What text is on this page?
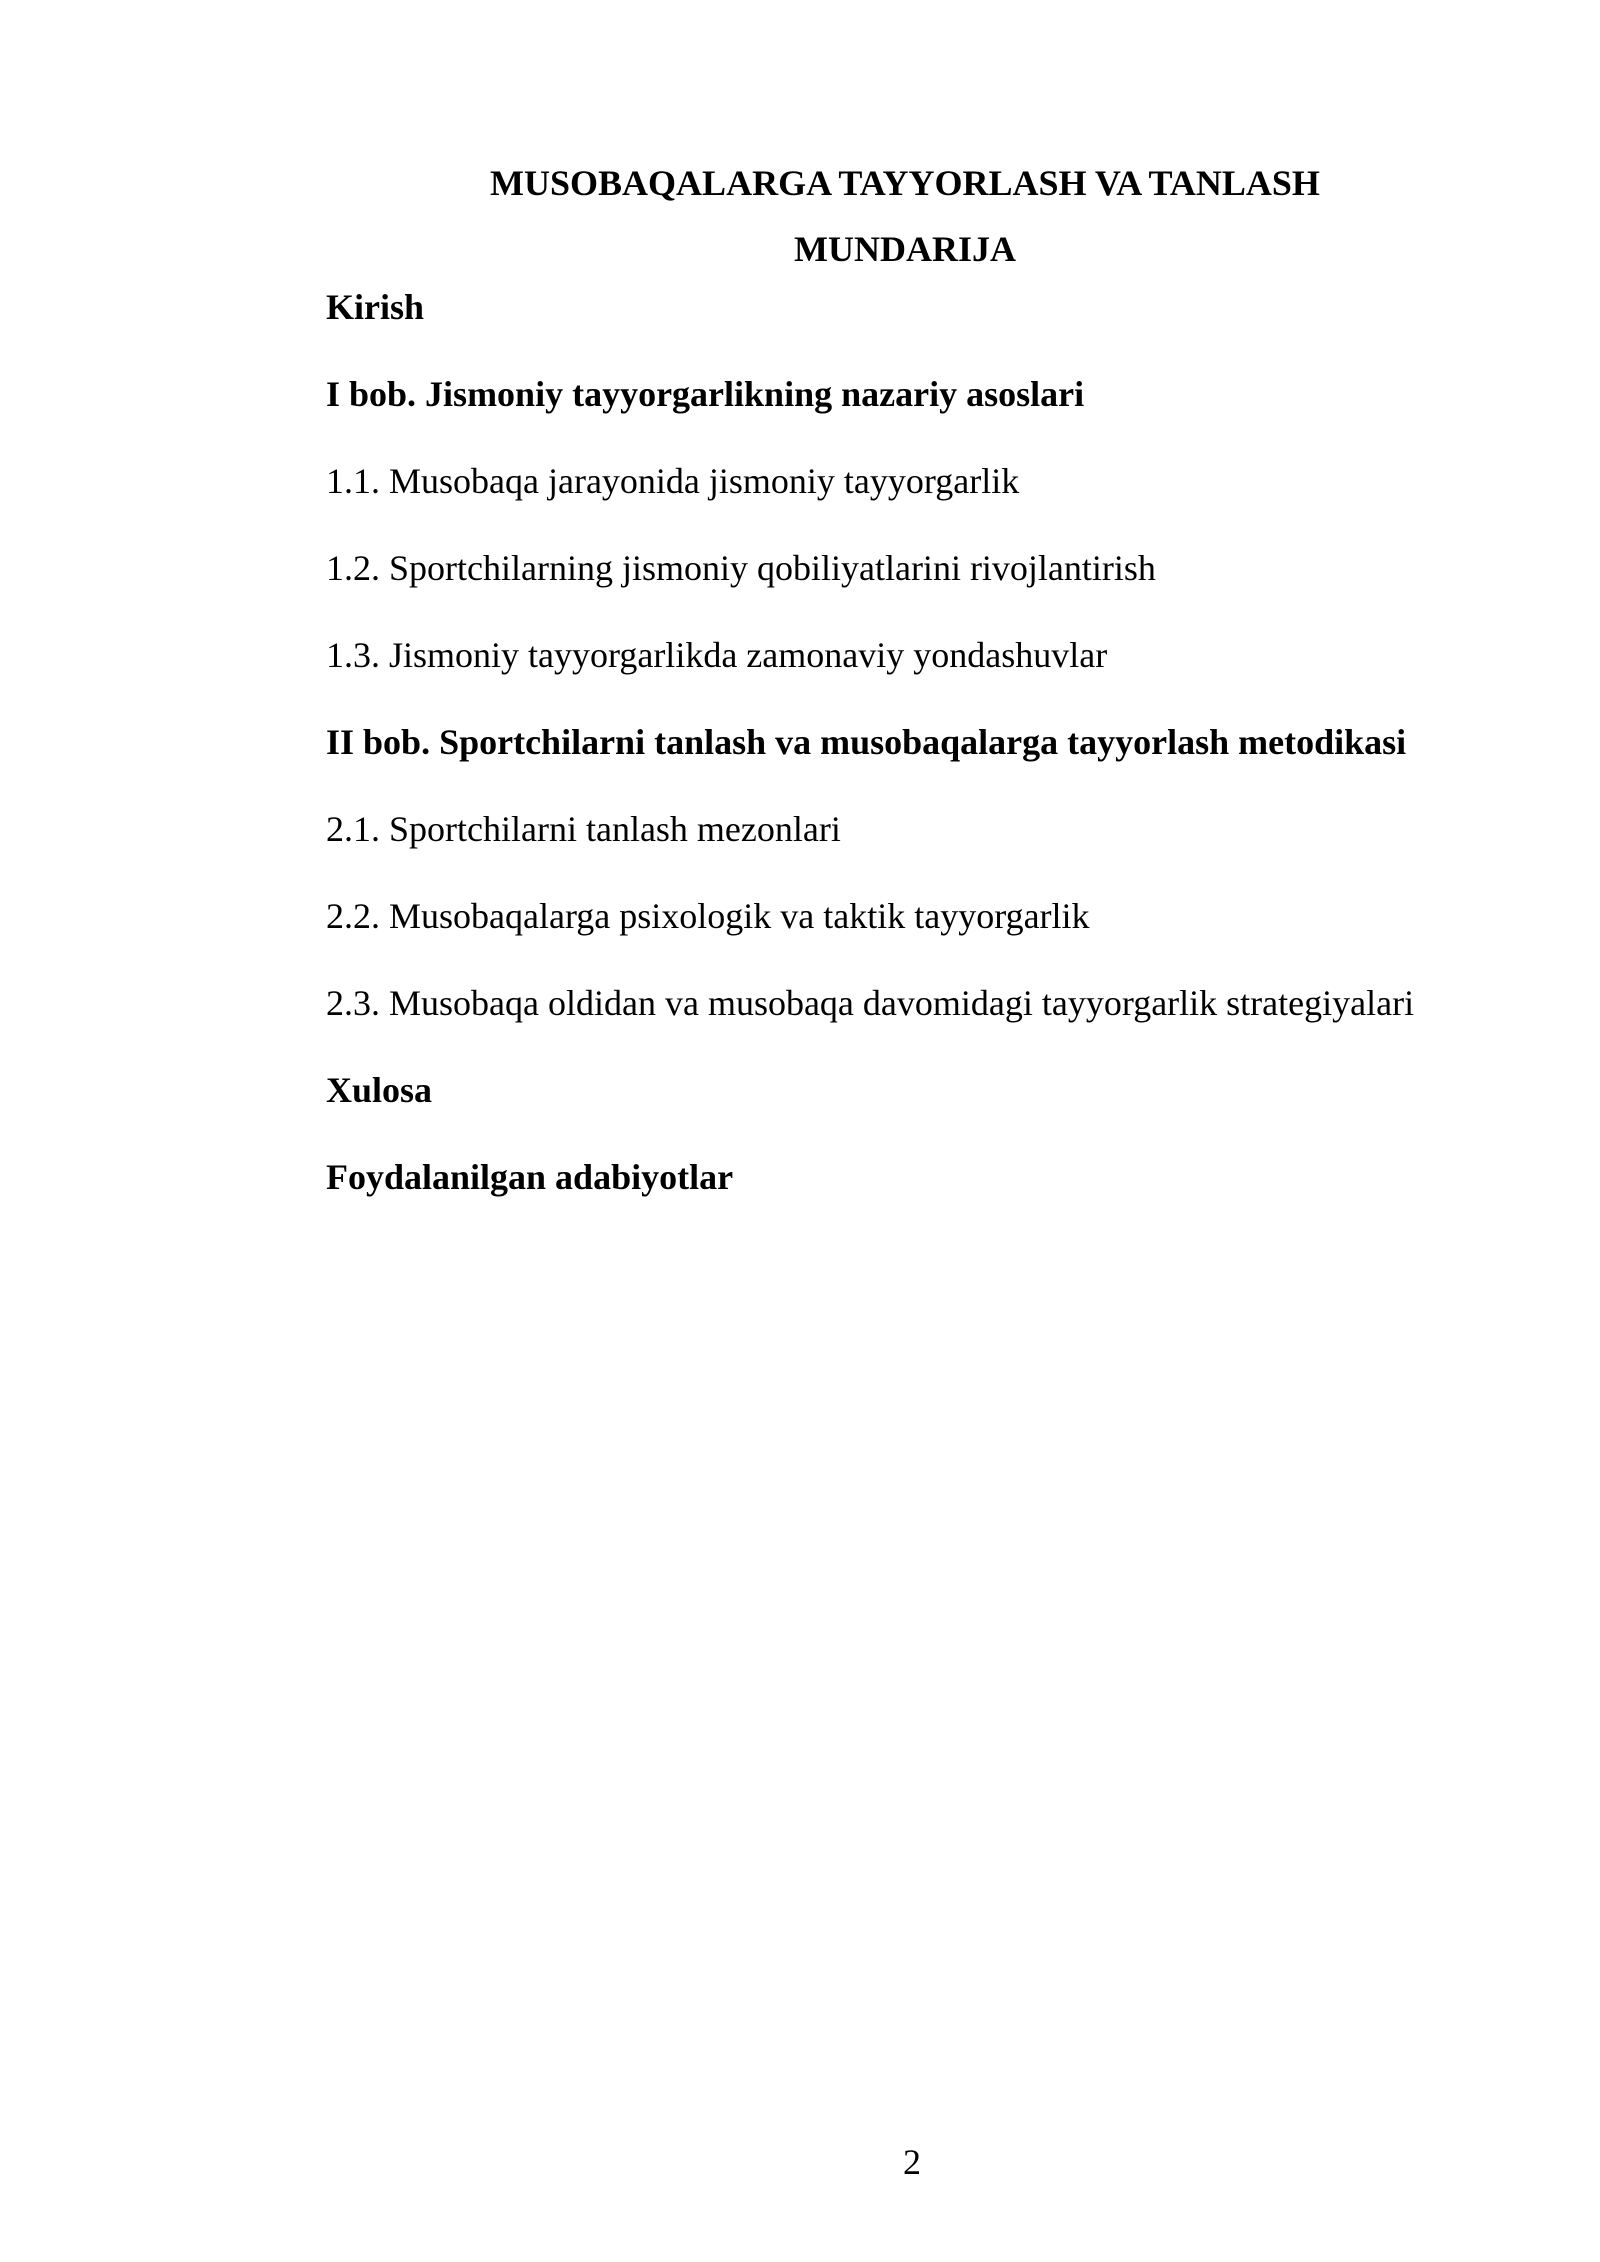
MUSOBAQALARGA TAYYORLASH VA TANLASH
MUNDARIJA
Kirish
I bob. Jismoniy tayyorgarlikning nazariy asoslari
1.1. Musobaqa jarayonida jismoniy tayyorgarlik
1.2. Sportchilarning jismoniy qobiliyatlarini rivojlantirish
1.3. Jismoniy tayyorgarlikda zamonaviy yondashuvlar
II bob. Sportchilarni tanlash va musobaqalarga tayyorlash metodikasi
2.1. Sportchilarni tanlash mezonlari
2.2. Musobaqalarga psixologik va taktik tayyorgarlik
2.3. Musobaqa oldidan va musobaqa davomidagi tayyorgarlik strategiyalari
Xulosa
Foydalanilgan adabiyotlar
2
